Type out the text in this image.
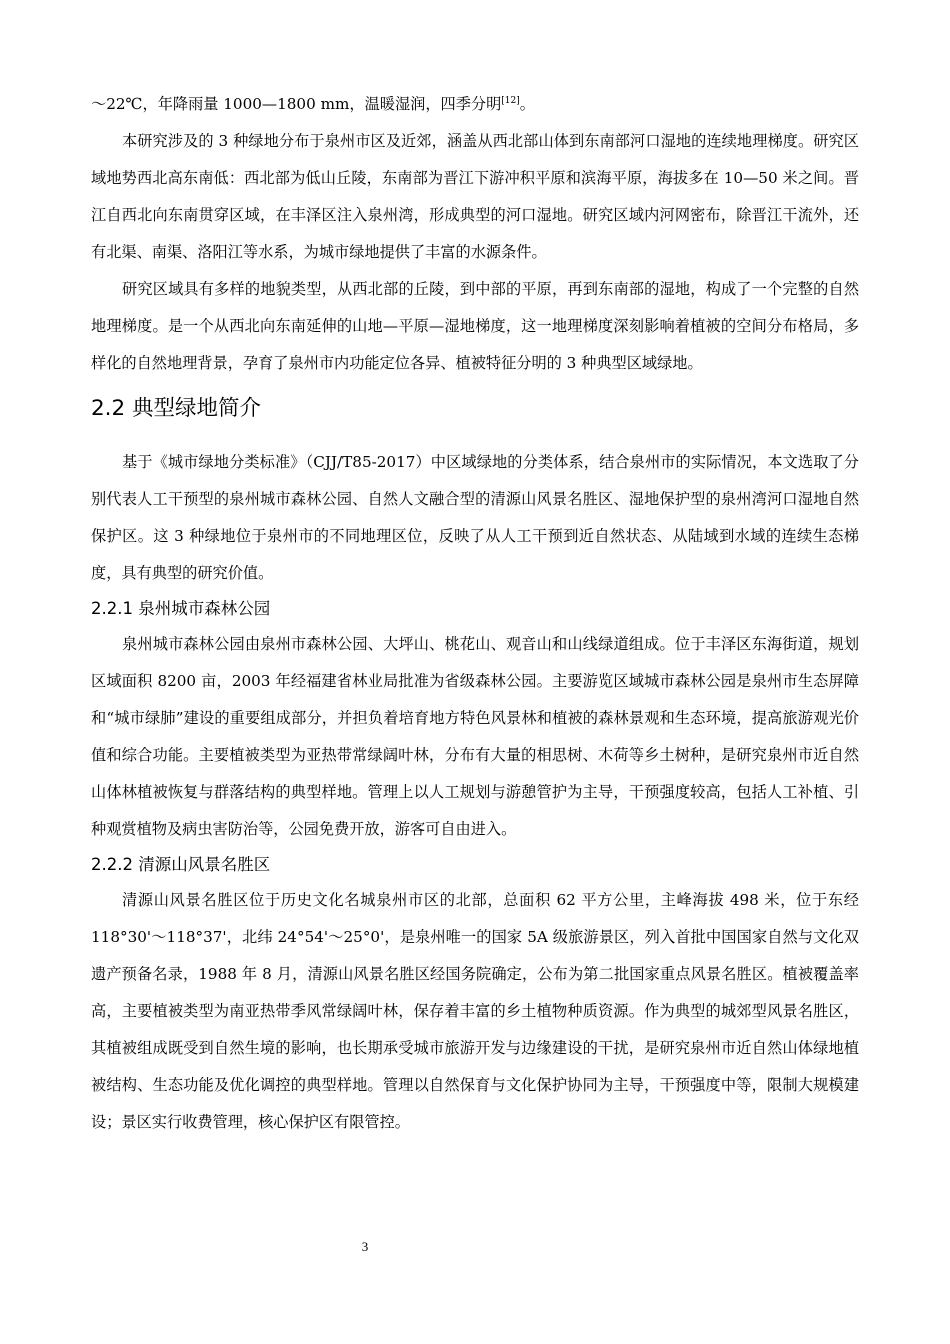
～22℃，年降雨量 1000—1800 mm，温暖湿润，四季分明[12]。

本研究涉及的 3 种绿地分布于泉州市区及近郊，涵盖从西北部山体到东南部河口湿地的连续地理梯度。研究区域地势西北高东南低：西北部为低山丘陵，东南部为晋江下游冲积平原和滨海平原，海拔多在 10—50 米之间。晋江自西北向东南贯穿区域，在丰泽区注入泉州湾，形成典型的河口湿地。研究区域内河网密布，除晋江干流外，还有北渠、南渠、洛阳江等水系，为城市绿地提供了丰富的水源条件。

研究区域具有多样的地貌类型，从西北部的丘陵，到中部的平原，再到东南部的湿地，构成了一个完整的自然地理梯度。是一个从西北向东南延伸的山地—平原—湿地梯度，这一地理梯度深刻影响着植被的空间分布格局，多样化的自然地理背景，孕育了泉州市内功能定位各异、植被特征分明的 3 种典型区域绿地。

2.2 典型绿地简介

基于《城市绿地分类标准》（CJJ/T85-2017）中区域绿地的分类体系，结合泉州市的实际情况，本文选取了分别代表人工干预型的泉州城市森林公园、自然人文融合型的清源山风景名胜区、湿地保护型的泉州湾河口湿地自然保护区。这 3 种绿地位于泉州市的不同地理区位，反映了从人工干预到近自然状态、从陆域到水域的连续生态梯度，具有典型的研究价值。

2.2.1 泉州城市森林公园

泉州城市森林公园由泉州市森林公园、大坪山、桃花山、观音山和山线绿道组成。位于丰泽区东海街道，规划区域面积 8200 亩，2003 年经福建省林业局批准为省级森林公园。主要游览区域城市森林公园是泉州市生态屏障和“城市绿肺”建设的重要组成部分，并担负着培育地方特色风景林和植被的森林景观和生态环境，提高旅游观光价值和综合功能。主要植被类型为亚热带常绿阔叶林，分布有大量的相思树、木荷等乡土树种，是研究泉州市近自然山体林植被恢复与群落结构的典型样地。管理上以人工规划与游憩管护为主导，干预强度较高，包括人工补植、引种观赏植物及病虫害防治等，公园免费开放，游客可自由进入。

2.2.2 清源山风景名胜区

清源山风景名胜区位于历史文化名城泉州市区的北部，总面积 62 平方公里，主峰海拔 498 米，位于东经 118°30'～118°37'，北纬 24°54'～25°0'，是泉州唯一的国家 5A 级旅游景区，列入首批中国国家自然与文化双遗产预备名录，1988 年 8 月，清源山风景名胜区经国务院确定，公布为第二批国家重点风景名胜区。植被覆盖率高，主要植被类型为南亚热带季风常绿阔叶林，保存着丰富的乡土植物种质资源。作为典型的城郊型风景名胜区，其植被组成既受到自然生境的影响，也长期承受城市旅游开发与边缘建设的干扰，是研究泉州市近自然山体绿地植被结构、生态功能及优化调控的典型样地。管理以自然保育与文化保护协同为主导，干预强度中等，限制大规模建设；景区实行收费管理，核心保护区有限管控。

3
